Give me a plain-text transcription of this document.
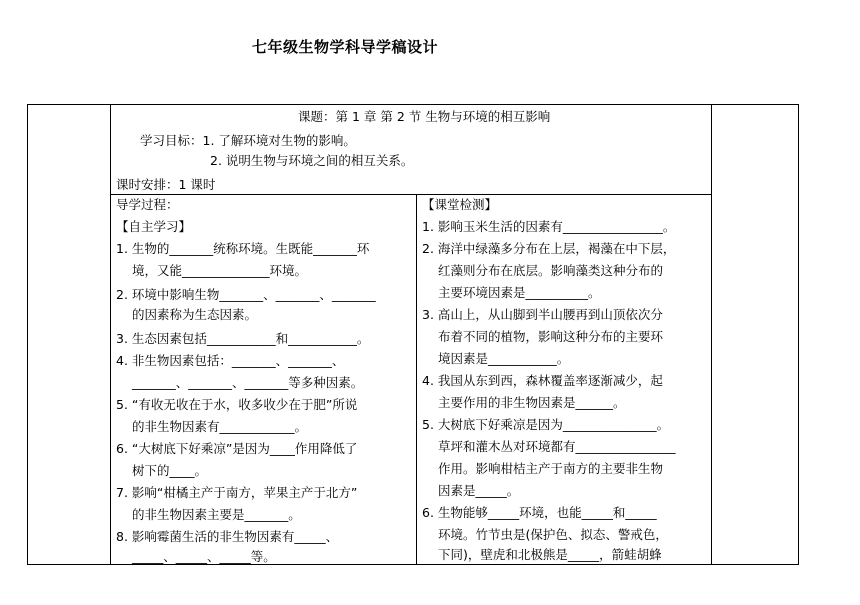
七年级生物学科导学稿设计
课题：第 1 章 第 2 节 生物与环境的相互影响
学习目标：1. 了解环境对生物的影响。
2. 说明生物与环境之间的相互关系。
课时安排：1 课时
导学过程：
【自主学习】
1. 生物的_______统称环境。生既能_______环
境，又能______________环境。
2. 环境中影响生物_______、_______、_______
的因素称为生态因素。
3. 生态因素包括___________和___________。
4. 非生物因素包括：_______、_______、
_______、_______、_______等多种因素。
5. “有收无收在于水，收多收少在于肥”所说
的非生物因素有____________。
6. “大树底下好乘凉”是因为____作用降低了
树下的____。
7. 影响“柑橘主产于南方，苹果主产于北方”
的非生物因素主要是_______。
8. 影响霉菌生活的非生物因素有_____、
_____、_____、_____等。
【课堂检测】
1. 影响玉米生活的因素有________________。
2. 海洋中绿藻多分布在上层，褐藻在中下层，
红藻则分布在底层。影响藻类这种分布的
主要环境因素是__________。
3. 高山上，从山脚到半山腰再到山顶依次分
布着不同的植物，影响这种分布的主要环
境因素是___________。
4. 我国从东到西，森林覆盖率逐渐减少，起
主要作用的非生物因素是______。
5. 大树底下好乘凉是因为_______________。
草坪和灌木丛对环境都有________________
作用。影响柑桔主产于南方的主要非生物
因素是_____。
6. 生物能够_____环境，也能_____和_____
环境。竹节虫是(保护色、拟态、警戒色，
下同)，壁虎和北极熊是_____，箭蛙胡蜂
